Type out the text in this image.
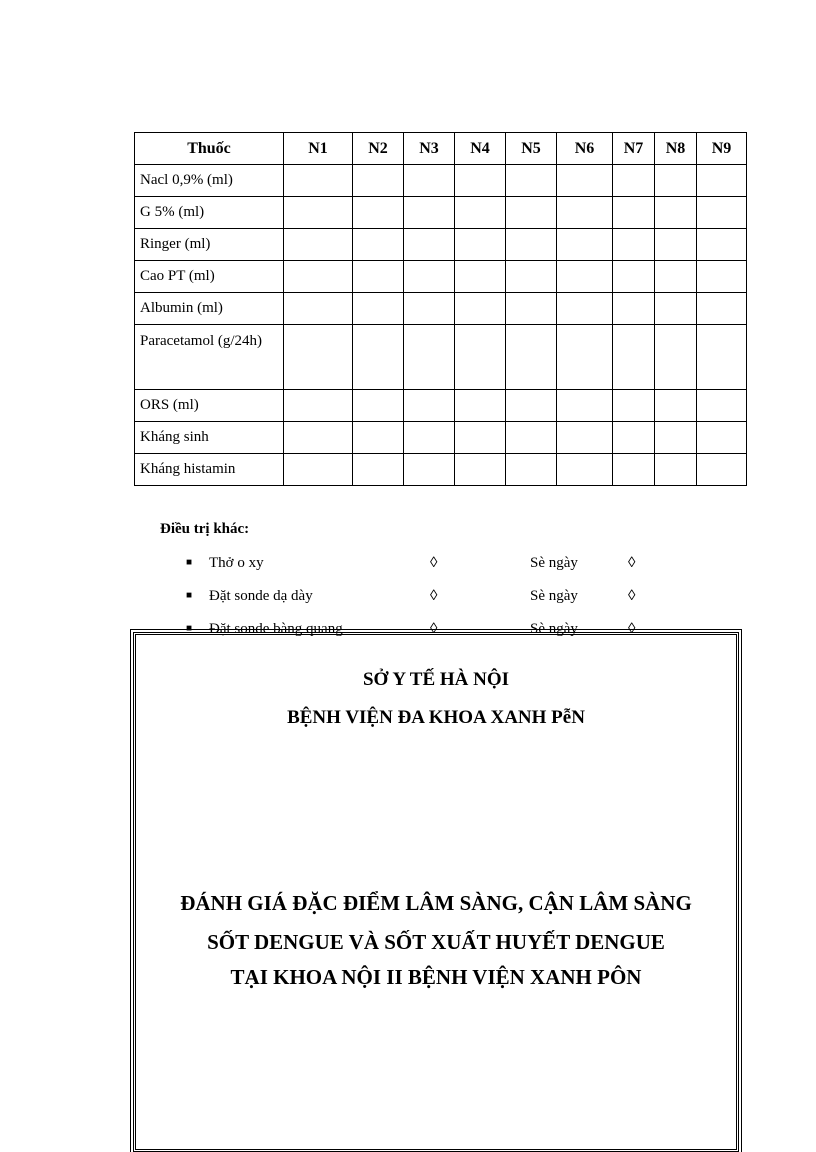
Thuốc	N1	N2	N3	N4	N5	N6	N7	N8	N9
Nacl 0,9% (ml)									
G 5% (ml)									
Ringer (ml)									
Cao PT (ml)									
Albumin (ml)									
Paracetamol (g/24h)									
ORS (ml)									
Kháng sinh									
Kháng histamin									
Điều trị khác:
■ Thở o xy	◊	Sè ngày	◊
■ Đặt sonde dạ dày	◊	Sè ngày	◊
■ Đặt sonde bàng quang	◊	Sè ngày	◊
SỞ Y TẾ HÀ NỘI
BỆNH VIỆN ĐA KHOA XANH PễN
ĐÁNH GIÁ ĐẶC ĐIỂM LÂM SÀNG, CẬN LÂM SÀNG
SỐT DENGUE VÀ SỐT XUẤT HUYẾT DENGUE
TẠI KHOA NỘI II BỆNH VIỆN XANH PÔN
